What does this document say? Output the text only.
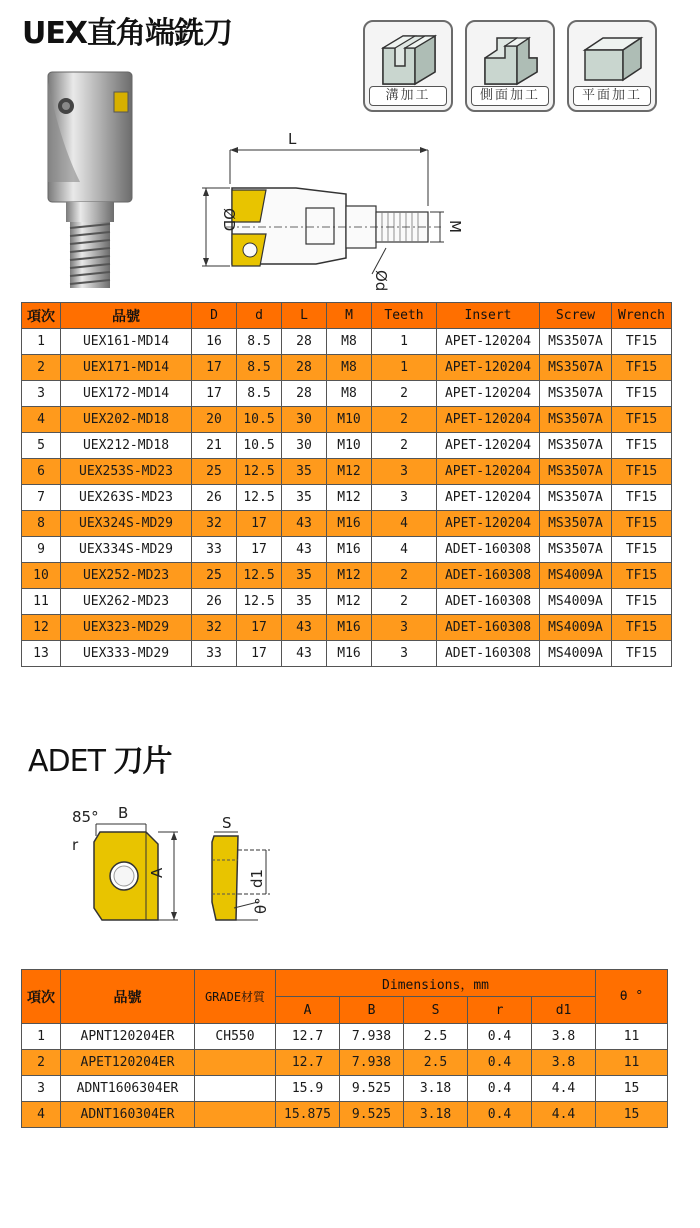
UEX直角端銑刀
溝加工	側面加工	平面加工
L
ØD
Ød
M
項次	品號	D	d	L	M	Teeth	Insert	Screw	Wrench
1	UEX161-MD14	16	8.5	28	M8	1	APET-120204	MS3507A	TF15
2	UEX171-MD14	17	8.5	28	M8	1	APET-120204	MS3507A	TF15
3	UEX172-MD14	17	8.5	28	M8	2	APET-120204	MS3507A	TF15
4	UEX202-MD18	20	10.5	30	M10	2	APET-120204	MS3507A	TF15
5	UEX212-MD18	21	10.5	30	M10	2	APET-120204	MS3507A	TF15
6	UEX253S-MD23	25	12.5	35	M12	3	APET-120204	MS3507A	TF15
7	UEX263S-MD23	26	12.5	35	M12	3	APET-120204	MS3507A	TF15
8	UEX324S-MD29	32	17	43	M16	4	APET-120204	MS3507A	TF15
9	UEX334S-MD29	33	17	43	M16	4	ADET-160308	MS3507A	TF15
10	UEX252-MD23	25	12.5	35	M12	2	ADET-160308	MS4009A	TF15
11	UEX262-MD23	26	12.5	35	M12	2	ADET-160308	MS4009A	TF15
12	UEX323-MD29	32	17	43	M16	3	ADET-160308	MS4009A	TF15
13	UEX333-MD29	33	17	43	M16	3	ADET-160308	MS4009A	TF15
ADET 刀片
85° B
r
A
S
d1
θ°
項次	品號	GRADE材質	Dimensions，mm					θ °
			A	B	S	r	d1	
1	APNT120204ER	CH550	12.7	7.938	2.5	0.4	3.8	11
2	APET120204ER		12.7	7.938	2.5	0.4	3.8	11
3	ADNT1606304ER		15.9	9.525	3.18	0.4	4.4	15
4	ADNT160304ER		15.875	9.525	3.18	0.4	4.4	15
